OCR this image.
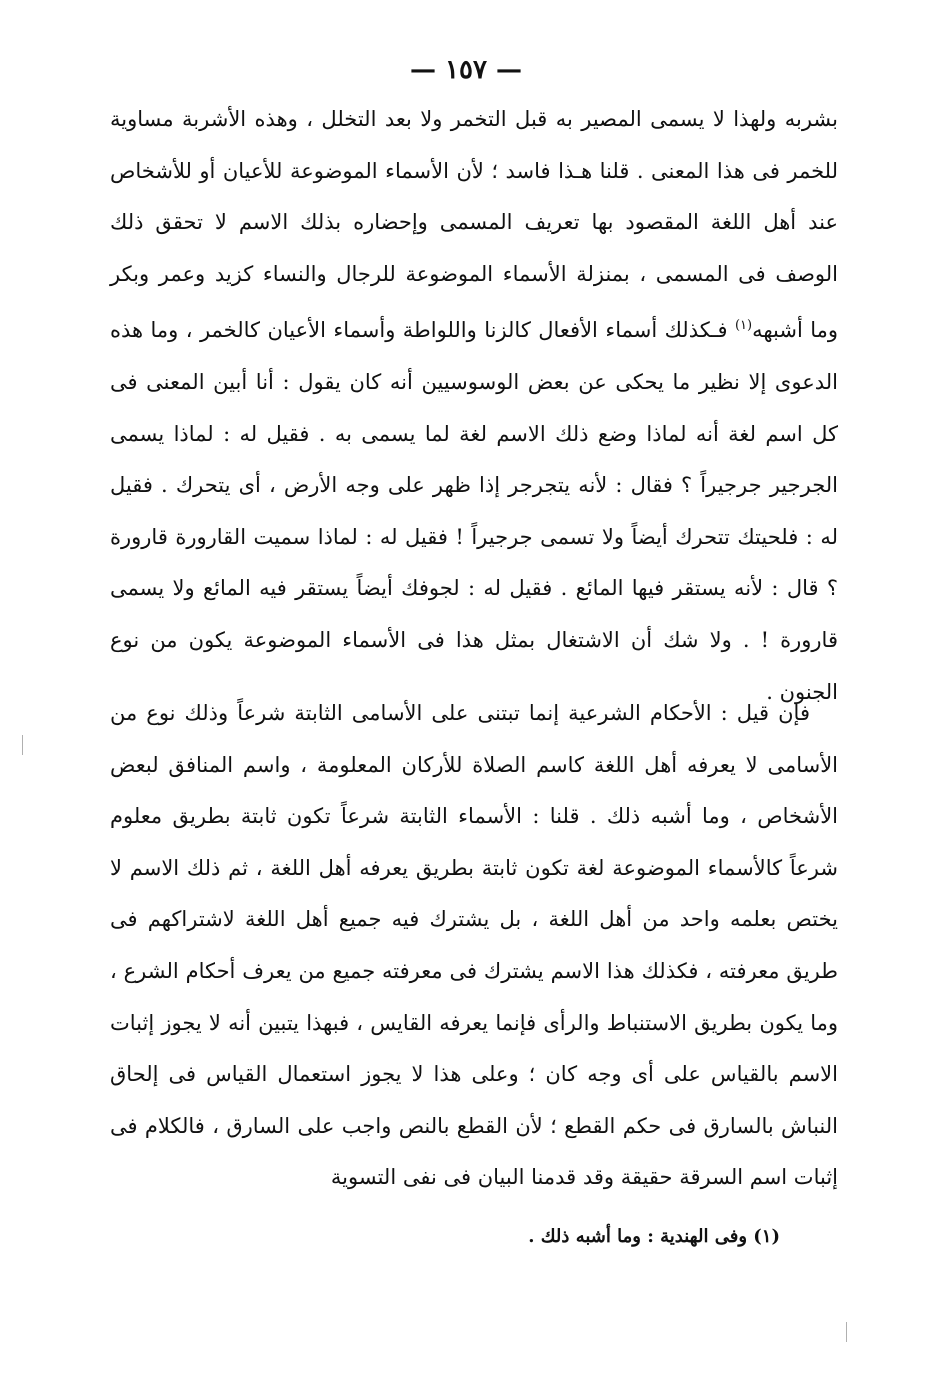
— ١٥٧ —

بشربه ولهذا لا يسمى المصير به قبل التخمر ولا بعد التخلل ، وهذه الأشربة مساوية للخمر فى هذا المعنى . قلنا هـذا فاسد ؛ لأن الأسماء الموضوعة للأعيان أو للأشخاص عند أهل اللغة المقصود بها تعريف المسمى وإحضاره بذلك الاسم لا تحقق ذلك الوصف فى المسمى ، بمنزلة الأسماء الموضوعة للرجال والنساء كزيد وعمر وبكر وما أشبهه$^{(١)}$ فـكذلك أسماء الأفعال كالزنا واللواطة وأسماء الأعيان كالخمر ، وما هذه الدعوى إلا نظير ما يحكى عن بعض الوسوسيين أنه كان يقول : أنا أبين المعنى فى كل اسم لغة أنه لماذا وضع ذلك الاسم لغة لما يسمى به . فقيل له : لماذا يسمى الجرجير جرجيراً ؟ فقال : لأنه يتجرجر إذا ظهر على وجه الأرض ، أى يتحرك . فقيل له : فلحيتك تتحرك أيضاً ولا تسمى جرجيراً ! فقيل له : لماذا سميت القارورة قارورة ؟ قال : لأنه يستقر فيها المائع . فقيل له : لجوفك أيضاً يستقر فيه المائع ولا يسمى قارورة ! . ولا شك أن الاشتغال بمثل هذا فى الأسماء الموضوعة يكون من نوع الجنون .

فإن قيل : الأحكام الشرعية إنما تبتنى على الأسامى الثابتة شرعاً وذلك نوع من الأسامى لا يعرفه أهل اللغة كاسم الصلاة للأركان المعلومة ، واسم المنافق لبعض الأشخاص ، وما أشبه ذلك . قلنا : الأسماء الثابتة شرعاً تكون ثابتة بطريق معلوم شرعاً كالأسماء الموضوعة لغة تكون ثابتة بطريق يعرفه أهل اللغة ، ثم ذلك الاسم لا يختص بعلمه واحد من أهل اللغة ، بل يشترك فيه جميع أهل اللغة لاشتراكهم فى طريق معرفته ، فكذلك هذا الاسم يشترك فى معرفته جميع من يعرف أحكام الشرع ، وما يكون بطريق الاستنباط والرأى فإنما يعرفه القايس ، فبهذا يتبين أنه لا يجوز إثبات الاسم بالقياس على أى وجه كان ؛ وعلى هذا لا يجوز استعمال القياس فى إلحاق النباش بالسارق فى حكم القطع ؛ لأن القطع بالنص واجب على السارق ، فالكلام فى إثبات اسم السرقة حقيقة وقد قدمنا البيان فى نفى التسوية

(١) وفى الهندية : وما أشبه ذلك .
